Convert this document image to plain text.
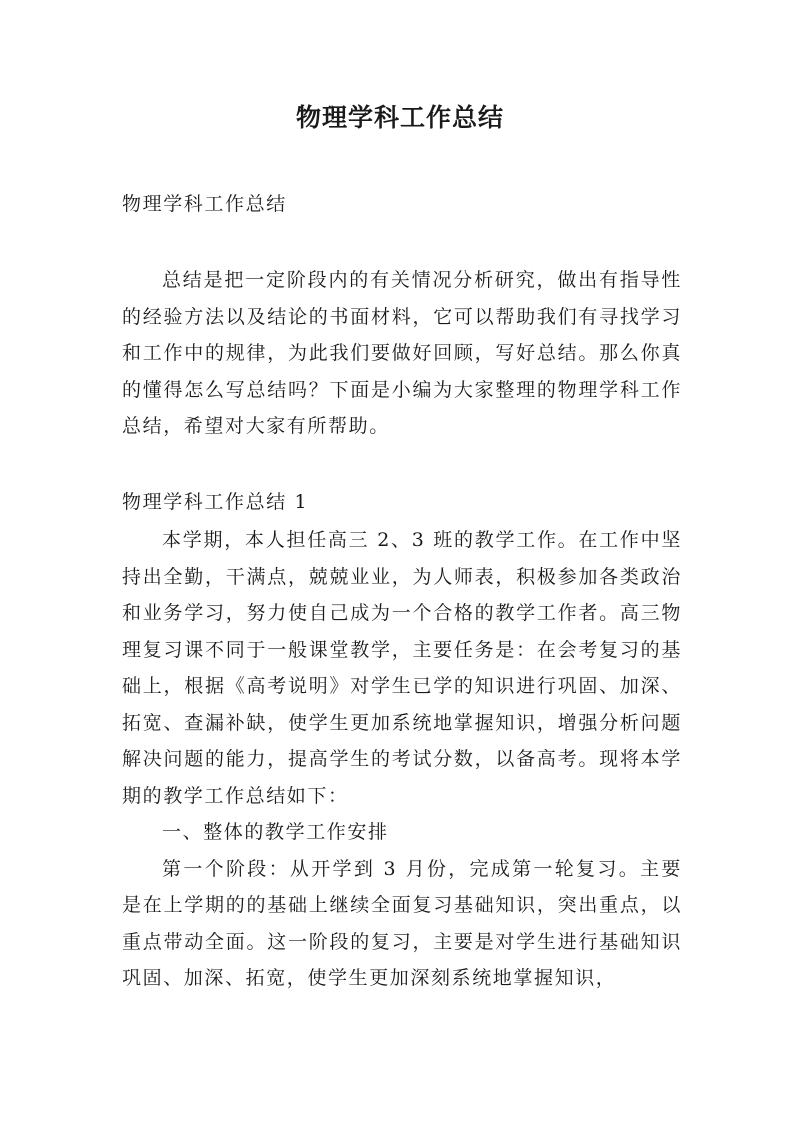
物理学科工作总结

物理学科工作总结

总结是把一定阶段内的有关情况分析研究，做出有指导性的经验方法以及结论的书面材料，它可以帮助我们有寻找学习和工作中的规律，为此我们要做好回顾，写好总结。那么你真的懂得怎么写总结吗？下面是小编为大家整理的物理学科工作总结，希望对大家有所帮助。

物理学科工作总结 1

本学期，本人担任高三 2、3 班的教学工作。在工作中坚持出全勤，干满点，兢兢业业，为人师表，积极参加各类政治和业务学习，努力使自己成为一个合格的教学工作者。高三物理复习课不同于一般课堂教学，主要任务是：在会考复习的基础上，根据《高考说明》对学生已学的知识进行巩固、加深、拓宽、查漏补缺，使学生更加系统地掌握知识，增强分析问题解决问题的能力，提高学生的考试分数，以备高考。现将本学期的教学工作总结如下：

一、整体的教学工作安排

第一个阶段：从开学到 3 月份，完成第一轮复习。主要是在上学期的的基础上继续全面复习基础知识，突出重点，以重点带动全面。这一阶段的复习，主要是对学生进行基础知识巩固、加深、拓宽，使学生更加深刻系统地掌握知识，
